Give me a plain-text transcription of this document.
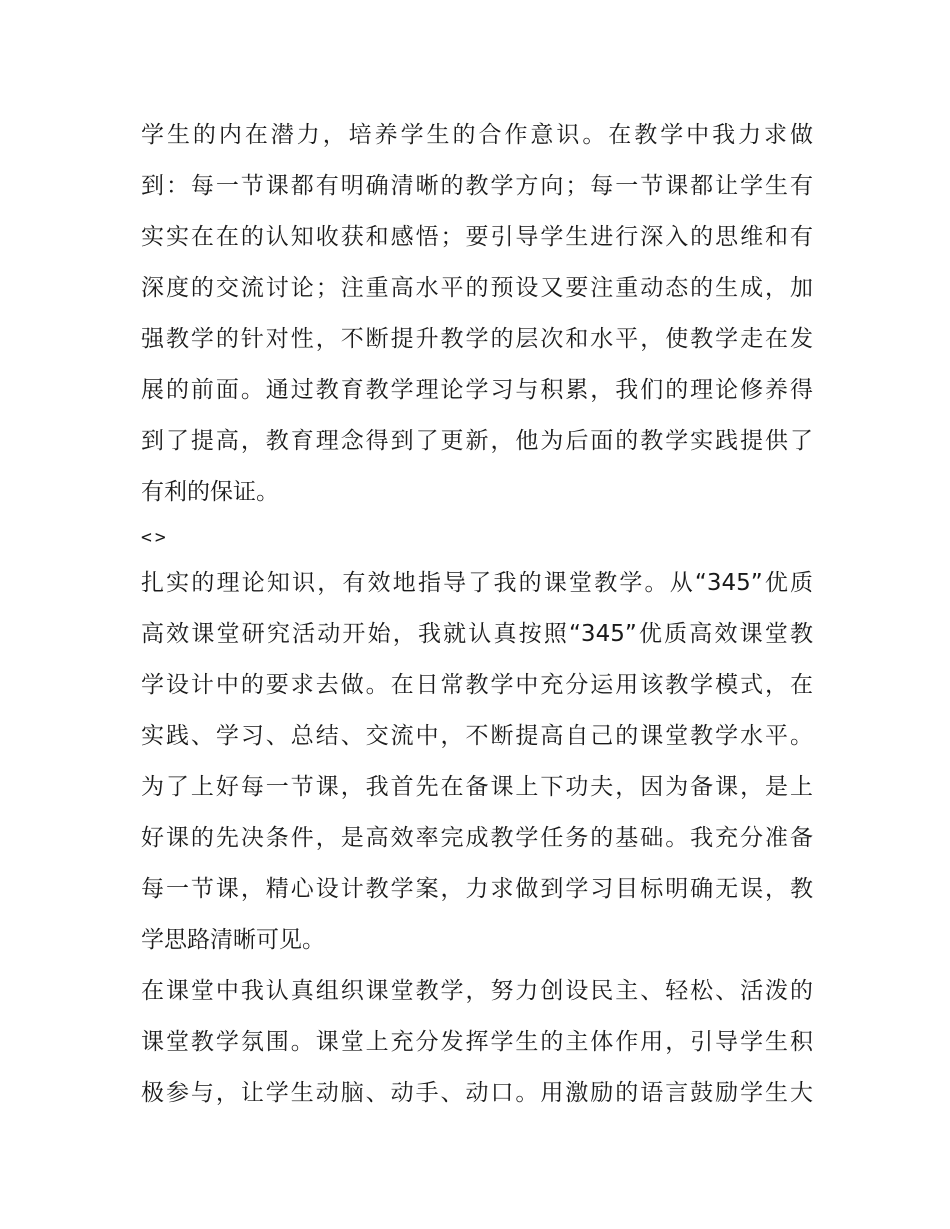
学生的内在潜力，培养学生的合作意识。在教学中我力求做
到：每一节课都有明确清晰的教学方向；每一节课都让学生有
实实在在的认知收获和感悟；要引导学生进行深入的思维和有
深度的交流讨论；注重高水平的预设又要注重动态的生成，加
强教学的针对性，不断提升教学的层次和水平，使教学走在发
展的前面。通过教育教学理论学习与积累，我们的理论修养得
到了提高，教育理念得到了更新，他为后面的教学实践提供了
有利的保证。
<>
扎实的理论知识，有效地指导了我的课堂教学。从“345”优质
高效课堂研究活动开始，我就认真按照“345”优质高效课堂教
学设计中的要求去做。在日常教学中充分运用该教学模式，在
实践、学习、总结、交流中，不断提高自己的课堂教学水平。
为了上好每一节课，我首先在备课上下功夫，因为备课，是上
好课的先决条件，是高效率完成教学任务的基础。我充分准备
每一节课，精心设计教学案，力求做到学习目标明确无误，教
学思路清晰可见。
在课堂中我认真组织课堂教学，努力创设民主、轻松、活泼的
课堂教学氛围。课堂上充分发挥学生的主体作用，引导学生积
极参与，让学生动脑、动手、动口。用激励的语言鼓励学生大
